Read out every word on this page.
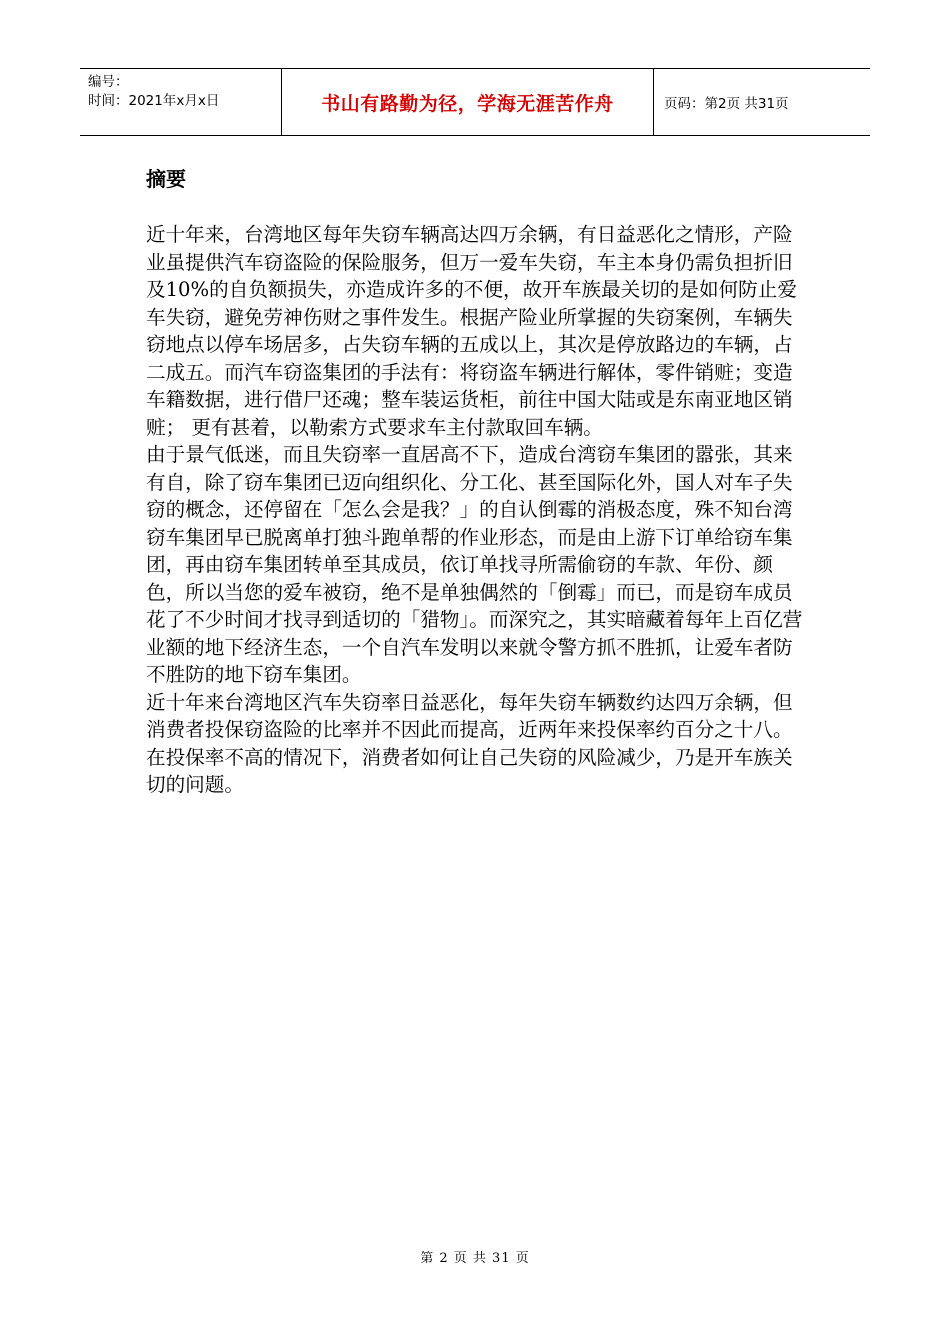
编号：
时间：2021年x月x日	书山有路勤为径，学海无涯苦作舟	页码：第2页 共31页
摘要

近十年来，台湾地区每年失窃车辆高达四万余辆，有日益恶化之情形，产险业虽提供汽车窃盗险的保险服务，但万一爱车失窃，车主本身仍需负担折旧及10%的自负额损失，亦造成许多的不便，故开车族最关切的是如何防止爱车失窃，避免劳神伤财之事件发生。根据产险业所掌握的失窃案例，车辆失窃地点以停车场居多，占失窃车辆的五成以上，其次是停放路边的车辆，占二成五。而汽车窃盗集团的手法有：将窃盗车辆进行解体，零件销赃；变造车籍数据，进行借尸还魂；整车装运货柜，前往中国大陆或是东南亚地区销赃； 更有甚着，以勒索方式要求车主付款取回车辆。

由于景气低迷，而且失窃率一直居高不下，造成台湾窃车集团的嚣张，其来有自，除了窃车集团已迈向组织化、分工化、甚至国际化外，国人对车子失窃的概念，还停留在「怎么会是我？」的自认倒霉的消极态度，殊不知台湾窃车集团早已脱离单打独斗跑单帮的作业形态，而是由上游下订单给窃车集团，再由窃车集团转单至其成员，依订单找寻所需偷窃的车款、年份、颜色，所以当您的爱车被窃，绝不是单独偶然的「倒霉」而已，而是窃车成员花了不少时间才找寻到适切的「猎物」。而深究之，其实暗藏着每年上百亿营业额的地下经济生态，一个自汽车发明以来就令警方抓不胜抓，让爱车者防不胜防的地下窃车集团。

近十年来台湾地区汽车失窃率日益恶化，每年失窃车辆数约达四万余辆，但消费者投保窃盗险的比率并不因此而提高，近两年来投保率约百分之十八。在投保率不高的情况下，消费者如何让自己失窃的风险减少，乃是开车族关切的问题。

第 2 页 共 31 页
